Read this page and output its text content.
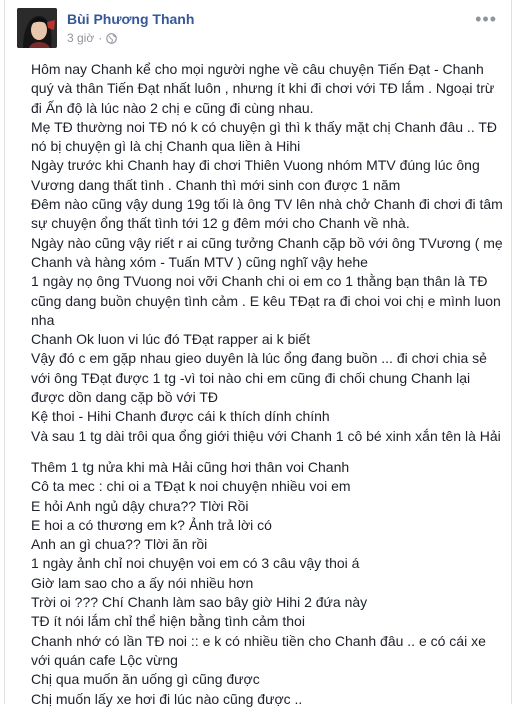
Bùi Phương Thanh
3 giờ ·
•••

Hôm nay Chanh kể cho mọi người nghe về câu chuyện Tiến Đạt - Chanh

quý và thân Tiến Đạt nhất luôn , nhưng ít khi đi chơi với TĐ lắm . Ngoại trừ

đi Ấn độ là lúc nào 2 chị e cũng đi cùng nhau.

Mẹ TĐ thường noi TĐ nó k có chuyện gì thì k thấy mặt chị Chanh đâu .. TĐ

nó bị chuyện gì là chị Chanh qua liền à Hihi

Ngày trước khi Chanh hay đi chơi Thiên Vuong nhóm MTV đúng lúc ông

Vương dang thất tình . Chanh thì mới sinh con được 1 năm

Đêm nào cũng vậy dung 19g tối là ông TV lên nhà chở Chanh đi chơi đi tâm

sự chuyện ổng thất tình tới 12 g đêm mới cho Chanh về nhà.

Ngày nào cũng vậy riết r ai cũng tưởng Chanh cặp bồ với ông TVương ( mẹ

Chanh và hàng xóm - Tuấn MTV ) cũng nghĩ vậy hehe

1 ngày nọ ông TVuong noi vỡi Chanh chi oi em co 1 thằng bạn thân là TĐ

cũng dang buồn chuyện tình cảm . E kêu TĐạt ra đi choi voi chị e mình luon

nha

Chanh Ok luon vi lúc đó TĐạt rapper ai k biết

Vậy đó c em gặp nhau gieo duyên là lúc ổng đang buồn ... đi chơi chia sẻ

với ông TĐạt được 1 tg -vì toi nào chi em cũng đi chối chung Chanh lại

được dồn dang cặp bồ với TĐ

Kệ thoi - Hihi Chanh được cái k thích dính chính

Và sau 1 tg dài trôi qua ổng giới thiệu với Chanh 1 cô bé xinh xắn tên là Hải

Thêm 1 tg nửa khi mà Hải cũng hơi thân voi Chanh

Cô ta mec : chi oi a TĐạt k noi chuyện nhiều voi em

E hỏi Anh ngủ dậy chưa?? Tlời Rồi

E hoi a có thương em k? Ảnh trả lời có

Anh an gì chua?? Tlời ăn rồi

1 ngày ảnh chỉ noi chuyện voi em có 3 câu vậy thoi á

Giờ lam sao cho a ấy nói nhiều hơn

Trời oi ??? Chí Chanh làm sao bây giờ Hihi 2 đứa này

TĐ ít nói lắm chỉ thể hiện bằng tình cảm thoi

Chanh nhớ có lần TĐ noi :: e k có nhiều tiền cho Chanh đâu .. e có cái xe

với quán cafe Lộc vừng

Chị qua muốn ăn uống gì cũng được

Chị muốn lấy xe hơi đi lúc nào cũng được ..
